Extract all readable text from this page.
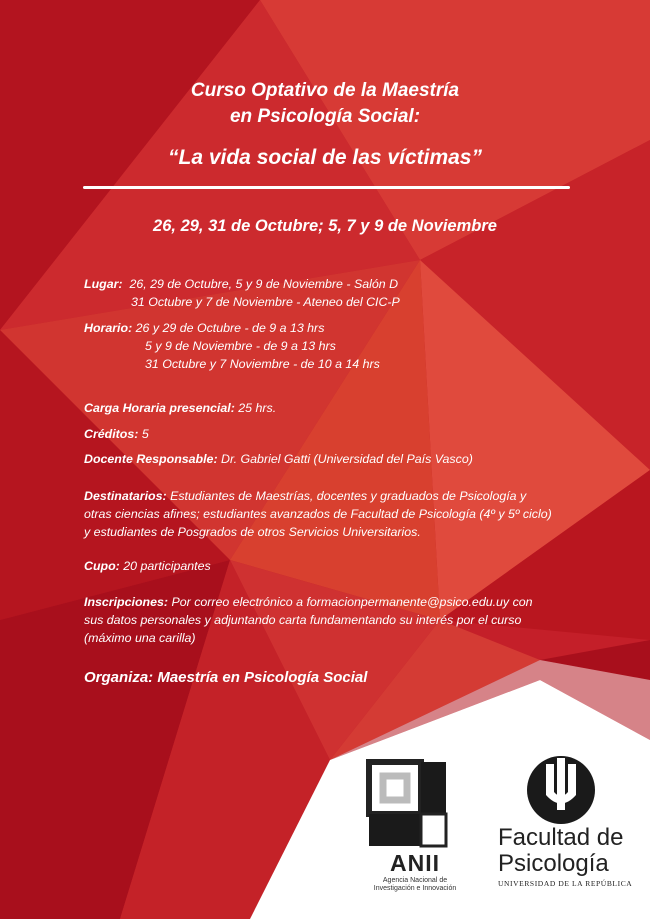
Curso Optativo de la Maestría
en Psicología Social:
“La vida social de las víctimas”
26, 29, 31 de Octubre; 5, 7 y 9 de Noviembre
Lugar: 26, 29 de Octubre, 5 y 9 de Noviembre - Salón D
31 Octubre y 7 de Noviembre - Ateneo del CIC-P
Horario: 26 y 29 de Octubre - de 9 a 13 hrs
5 y 9 de Noviembre - de 9 a 13 hrs
31 Octubre y 7 Noviembre - de 10 a 14 hrs
Carga Horaria presencial: 25 hrs.
Créditos: 5
Docente Responsable: Dr. Gabriel Gatti (Universidad del País Vasco)
Destinatarios: Estudiantes de Maestrías, docentes y graduados de Psicología y
otras ciencias afines; estudiantes avanzados de Facultad de Psicología (4º y 5º ciclo)
y estudiantes de Posgrados de otros Servicios Universitarios.
Cupo: 20 participantes
Inscripciones: Por correo electrónico a formacionpermanente@psico.edu.uy con
sus datos personales y adjuntando carta fundamentando su interés por el curso
(máximo una carilla)
Organiza: Maestría en Psicología Social
ANII
Agencia Nacional de
Investigación e Innovación
Facultad de
Psicología
UNIVERSIDAD DE LA REPÚBLICA
